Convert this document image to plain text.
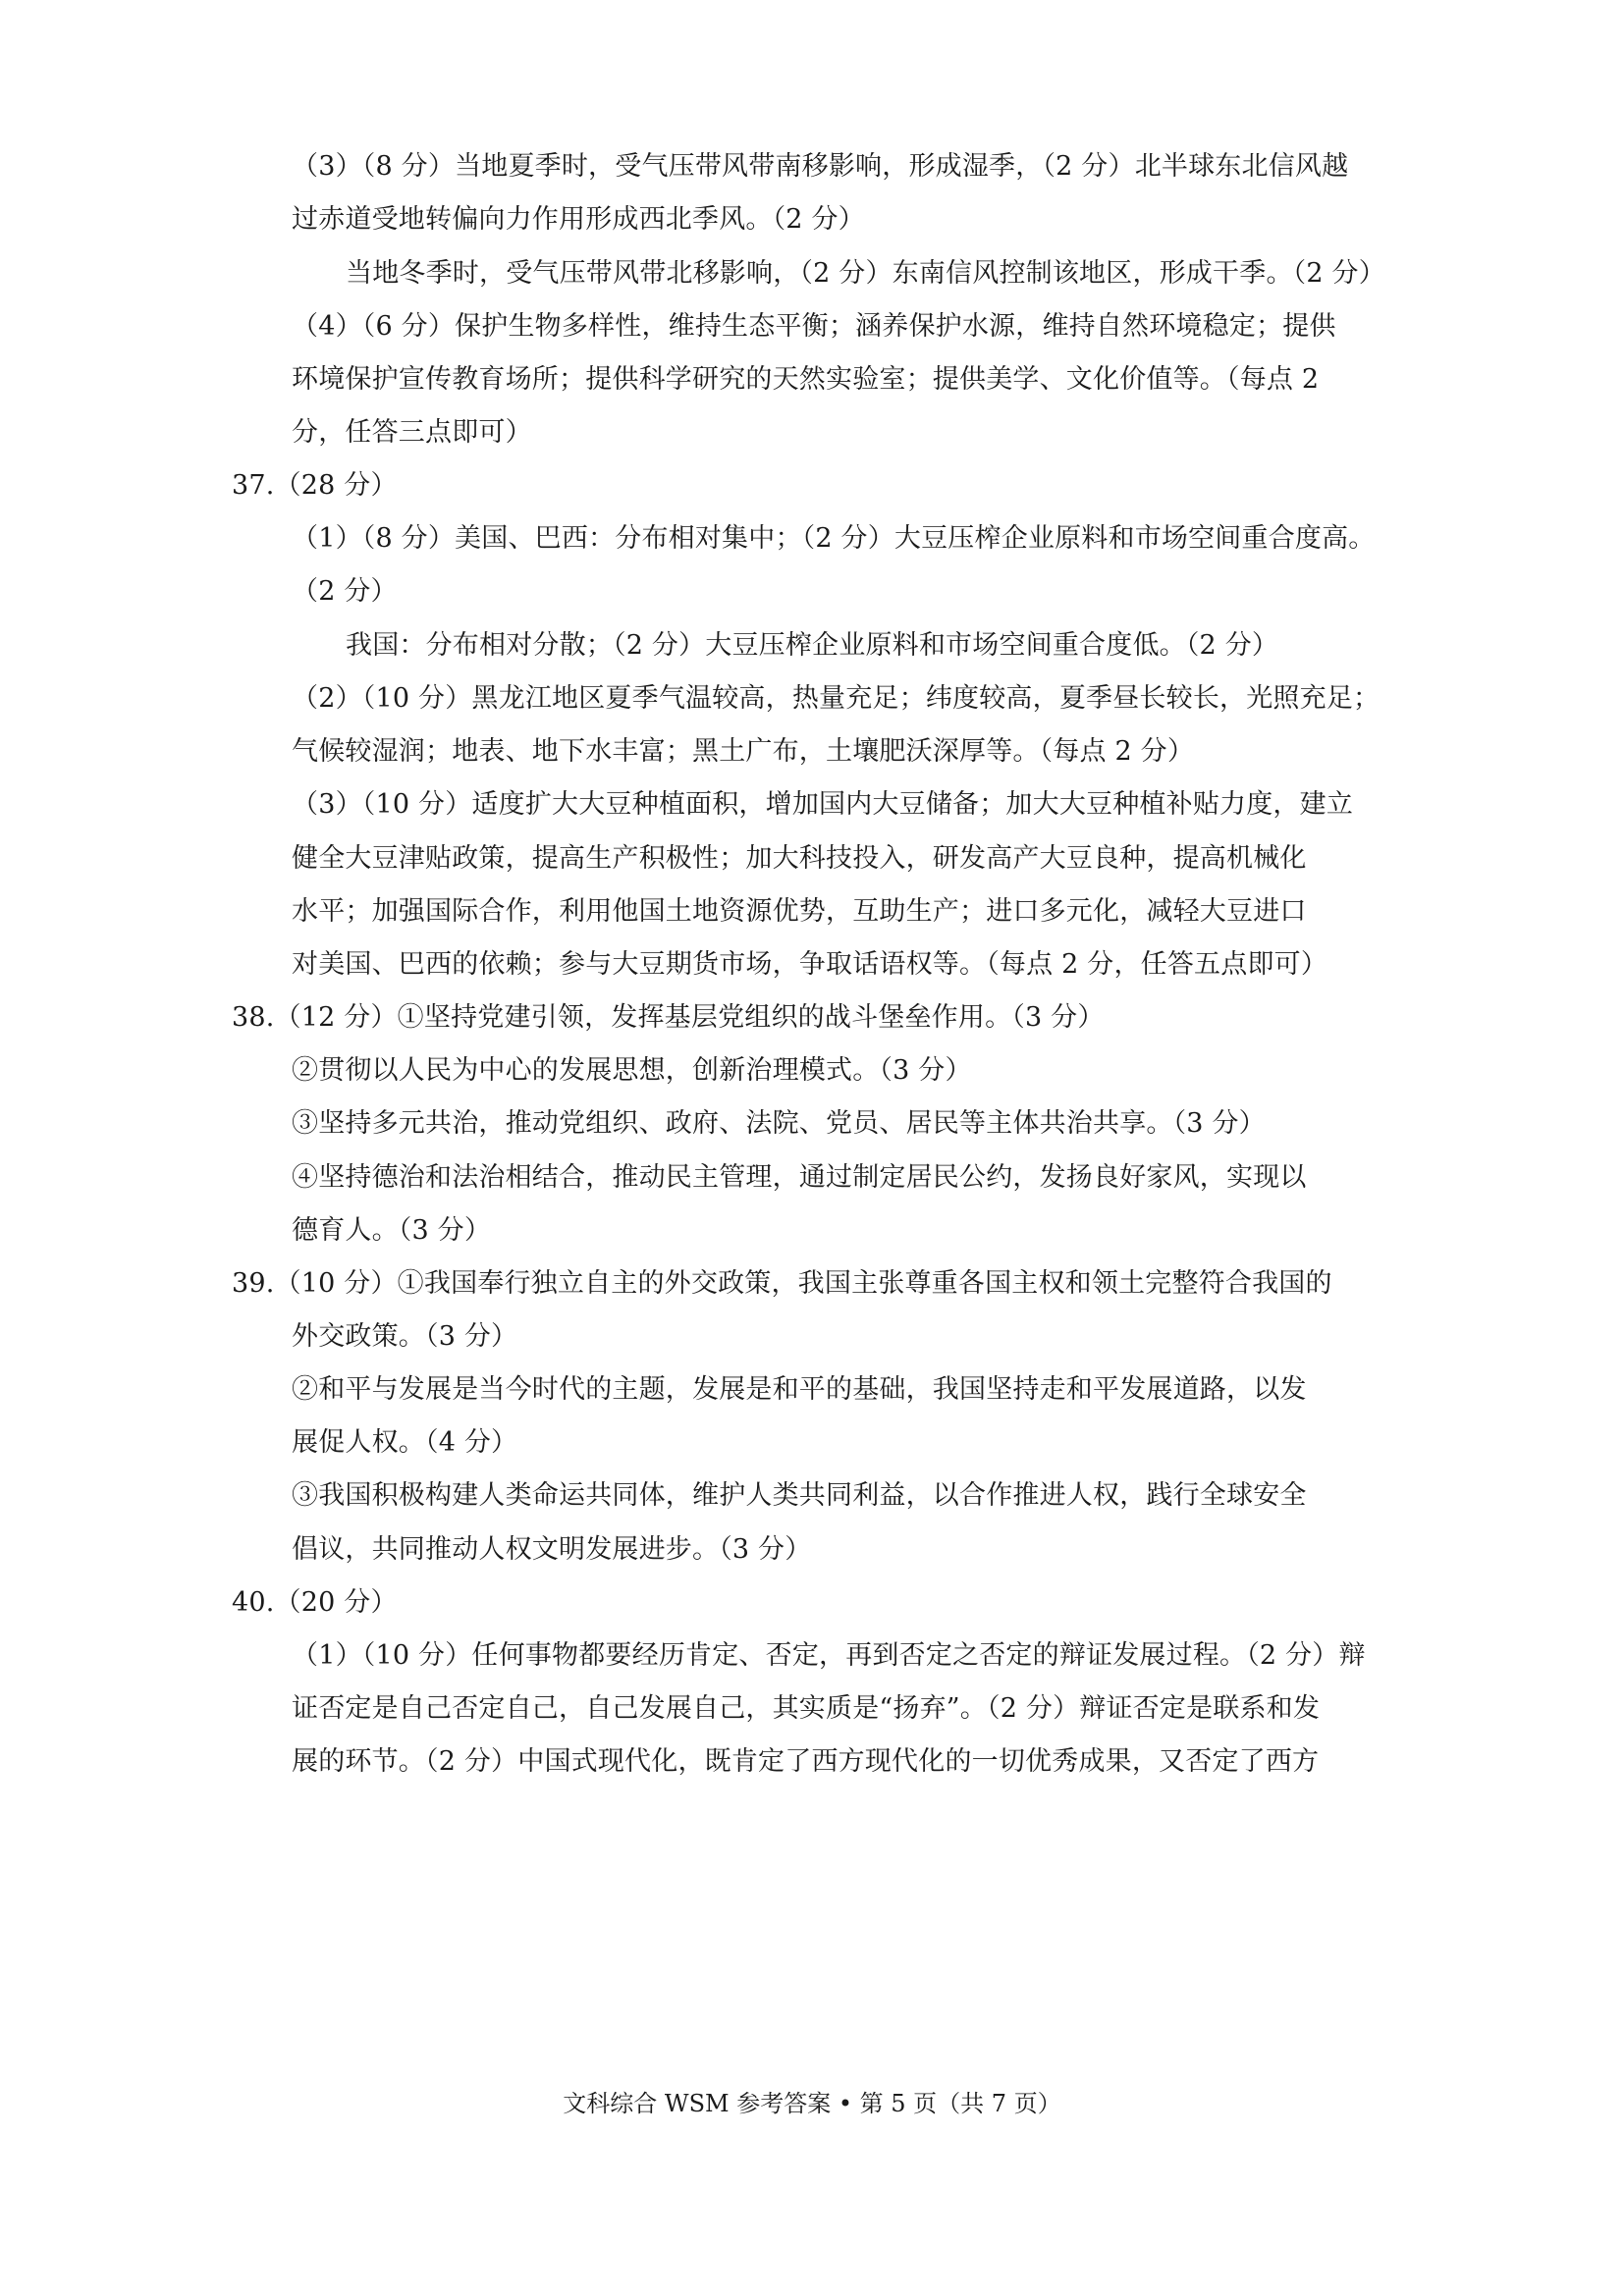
（3）（8 分）当地夏季时，受气压带风带南移影响，形成湿季，（2 分）北半球东北信风越
过赤道受地转偏向力作用形成西北季风。（2 分）
当地冬季时，受气压带风带北移影响，（2 分）东南信风控制该地区，形成干季。（2 分）
（4）（6 分）保护生物多样性，维持生态平衡；涵养保护水源，维持自然环境稳定；提供
环境保护宣传教育场所；提供科学研究的天然实验室；提供美学、文化价值等。（每点 2
分，任答三点即可）
37.（28 分）
（1）（8 分）美国、巴西：分布相对集中；（2 分）大豆压榨企业原料和市场空间重合度高。
（2 分）
我国：分布相对分散；（2 分）大豆压榨企业原料和市场空间重合度低。（2 分）
（2）（10 分）黑龙江地区夏季气温较高，热量充足；纬度较高，夏季昼长较长，光照充足；
气候较湿润；地表、地下水丰富；黑土广布，土壤肥沃深厚等。（每点 2 分）
（3）（10 分）适度扩大大豆种植面积，增加国内大豆储备；加大大豆种植补贴力度，建立
健全大豆津贴政策，提高生产积极性；加大科技投入，研发高产大豆良种，提高机械化
水平；加强国际合作，利用他国土地资源优势，互助生产；进口多元化，减轻大豆进口
对美国、巴西的依赖；参与大豆期货市场，争取话语权等。（每点 2 分，任答五点即可）
38.（12 分）①坚持党建引领，发挥基层党组织的战斗堡垒作用。（3 分）
②贯彻以人民为中心的发展思想，创新治理模式。（3 分）
③坚持多元共治，推动党组织、政府、法院、党员、居民等主体共治共享。（3 分）
④坚持德治和法治相结合，推动民主管理，通过制定居民公约，发扬良好家风，实现以
德育人。（3 分）
39.（10 分）①我国奉行独立自主的外交政策，我国主张尊重各国主权和领土完整符合我国的
外交政策。（3 分）
②和平与发展是当今时代的主题，发展是和平的基础，我国坚持走和平发展道路，以发
展促人权。（4 分）
③我国积极构建人类命运共同体，维护人类共同利益，以合作推进人权，践行全球安全
倡议，共同推动人权文明发展进步。（3 分）
40.（20 分）
（1）（10 分）任何事物都要经历肯定、否定，再到否定之否定的辩证发展过程。（2 分）辩
证否定是自己否定自己，自己发展自己，其实质是“扬弃”。（2 分）辩证否定是联系和发
展的环节。（2 分）中国式现代化，既肯定了西方现代化的一切优秀成果，又否定了西方
文科综合 WSM 参考答案 • 第 5 页（共 7 页）
